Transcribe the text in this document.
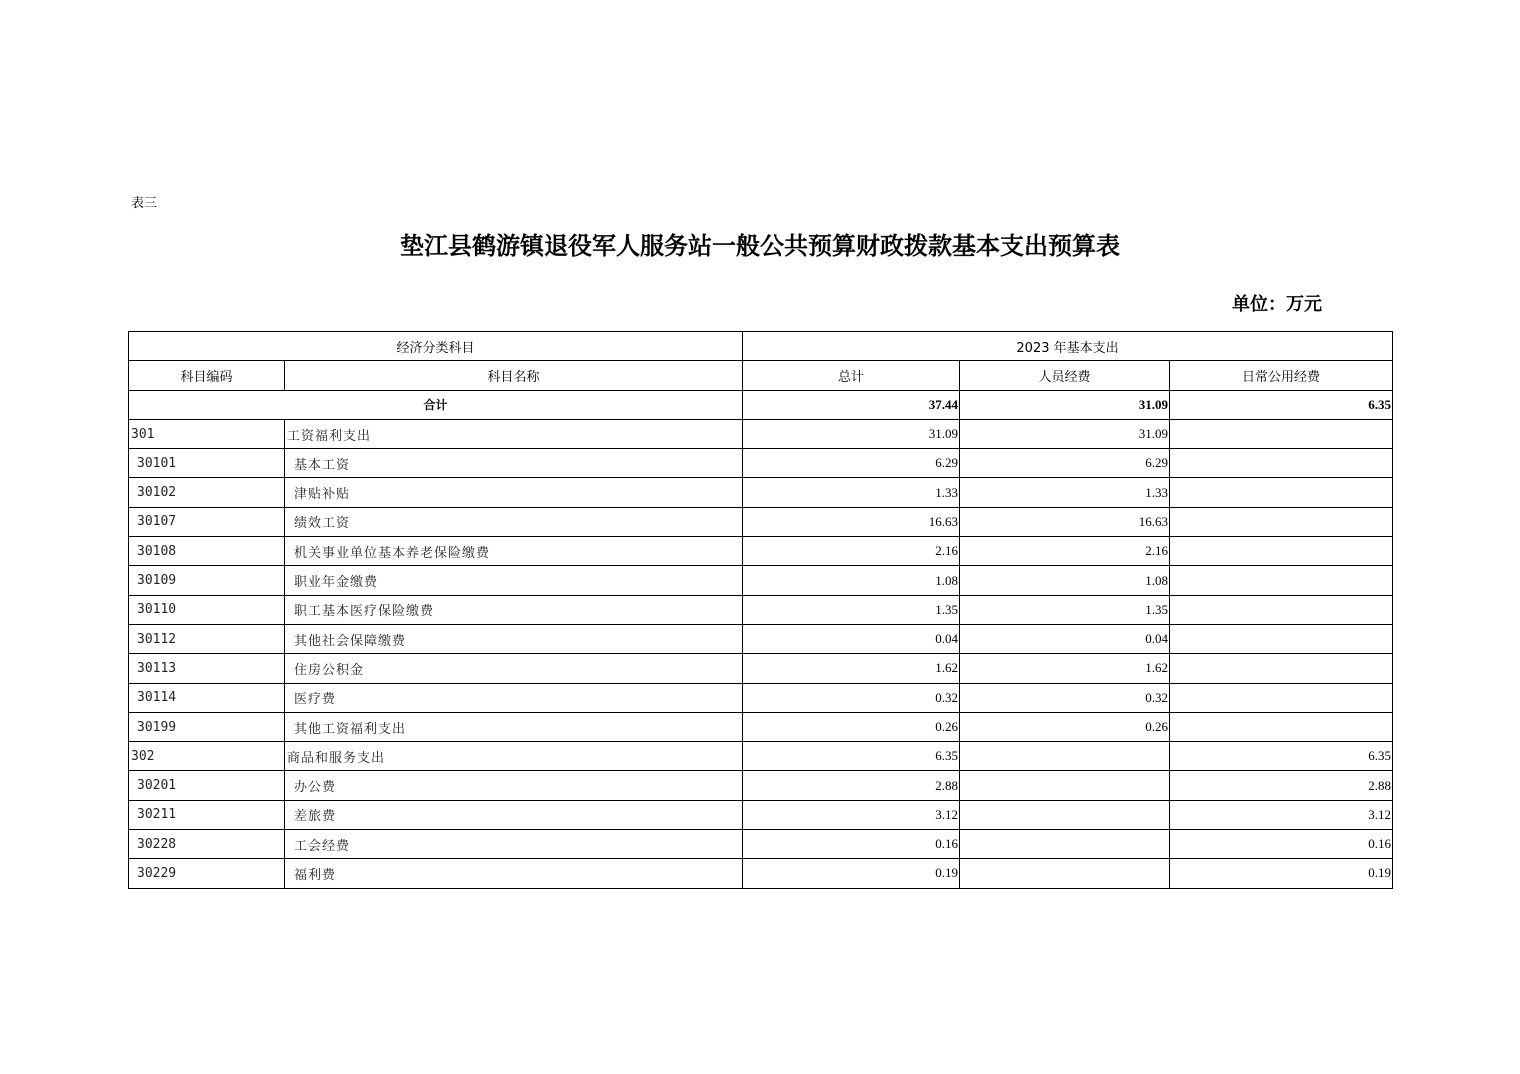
表三
垫江县鹤游镇退役军人服务站一般公共预算财政拨款基本支出预算表
单位：万元
经济分类科目		2023 年基本支出		
科目编码	科目名称	总计	人员经费	日常公用经费
合计		37.44	31.09	6.35
301	工资福利支出	31.09	31.09	
30101	基本工资	6.29	6.29	
30102	津贴补贴	1.33	1.33	
30107	绩效工资	16.63	16.63	
30108	机关事业单位基本养老保险缴费	2.16	2.16	
30109	职业年金缴费	1.08	1.08	
30110	职工基本医疗保险缴费	1.35	1.35	
30112	其他社会保障缴费	0.04	0.04	
30113	住房公积金	1.62	1.62	
30114	医疗费	0.32	0.32	
30199	其他工资福利支出	0.26	0.26	
302	商品和服务支出	6.35		6.35
30201	办公费	2.88		2.88
30211	差旅费	3.12		3.12
30228	工会经费	0.16		0.16
30229	福利费	0.19		0.19
